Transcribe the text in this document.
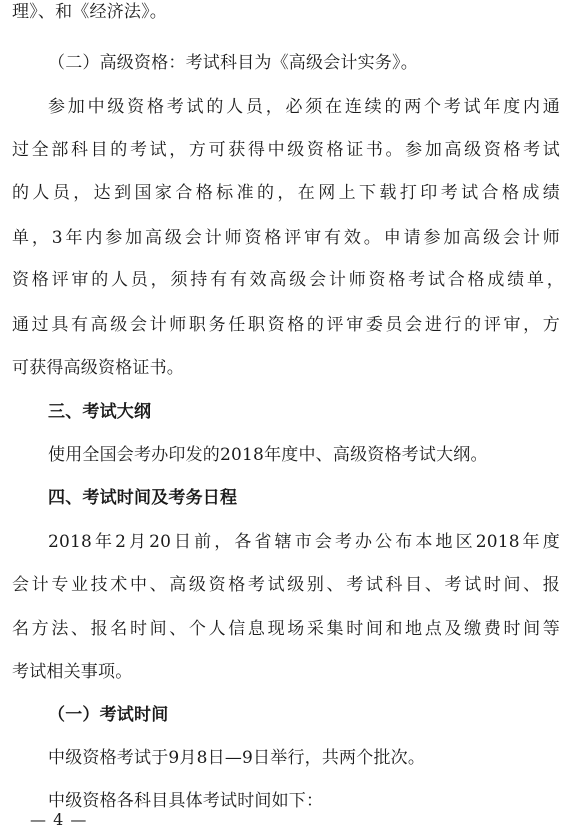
理》、和《经济法》。
（二）高级资格：考试科目为《高级会计实务》。
参加中级资格考试的人员，必须在连续的两个考试年度内通
过全部科目的考试，方可获得中级资格证书。参加高级资格考试
的人员，达到国家合格标准的，在网上下载打印考试合格成绩
单，3年内参加高级会计师资格评审有效。申请参加高级会计师
资格评审的人员，须持有有效高级会计师资格考试合格成绩单，
通过具有高级会计师职务任职资格的评审委员会进行的评审，方
可获得高级资格证书。
三、考试大纲
使用全国会考办印发的2018年度中、高级资格考试大纲。
四、考试时间及考务日程
2018年2月20日前，各省辖市会考办公布本地区2018年度
会计专业技术中、高级资格考试级别、考试科目、考试时间、报
名方法、报名时间、个人信息现场采集时间和地点及缴费时间等
考试相关事项。
（一）考试时间
中级资格考试于9月8日—9日举行，共两个批次。
中级资格各科目具体考试时间如下：
— 4 —
